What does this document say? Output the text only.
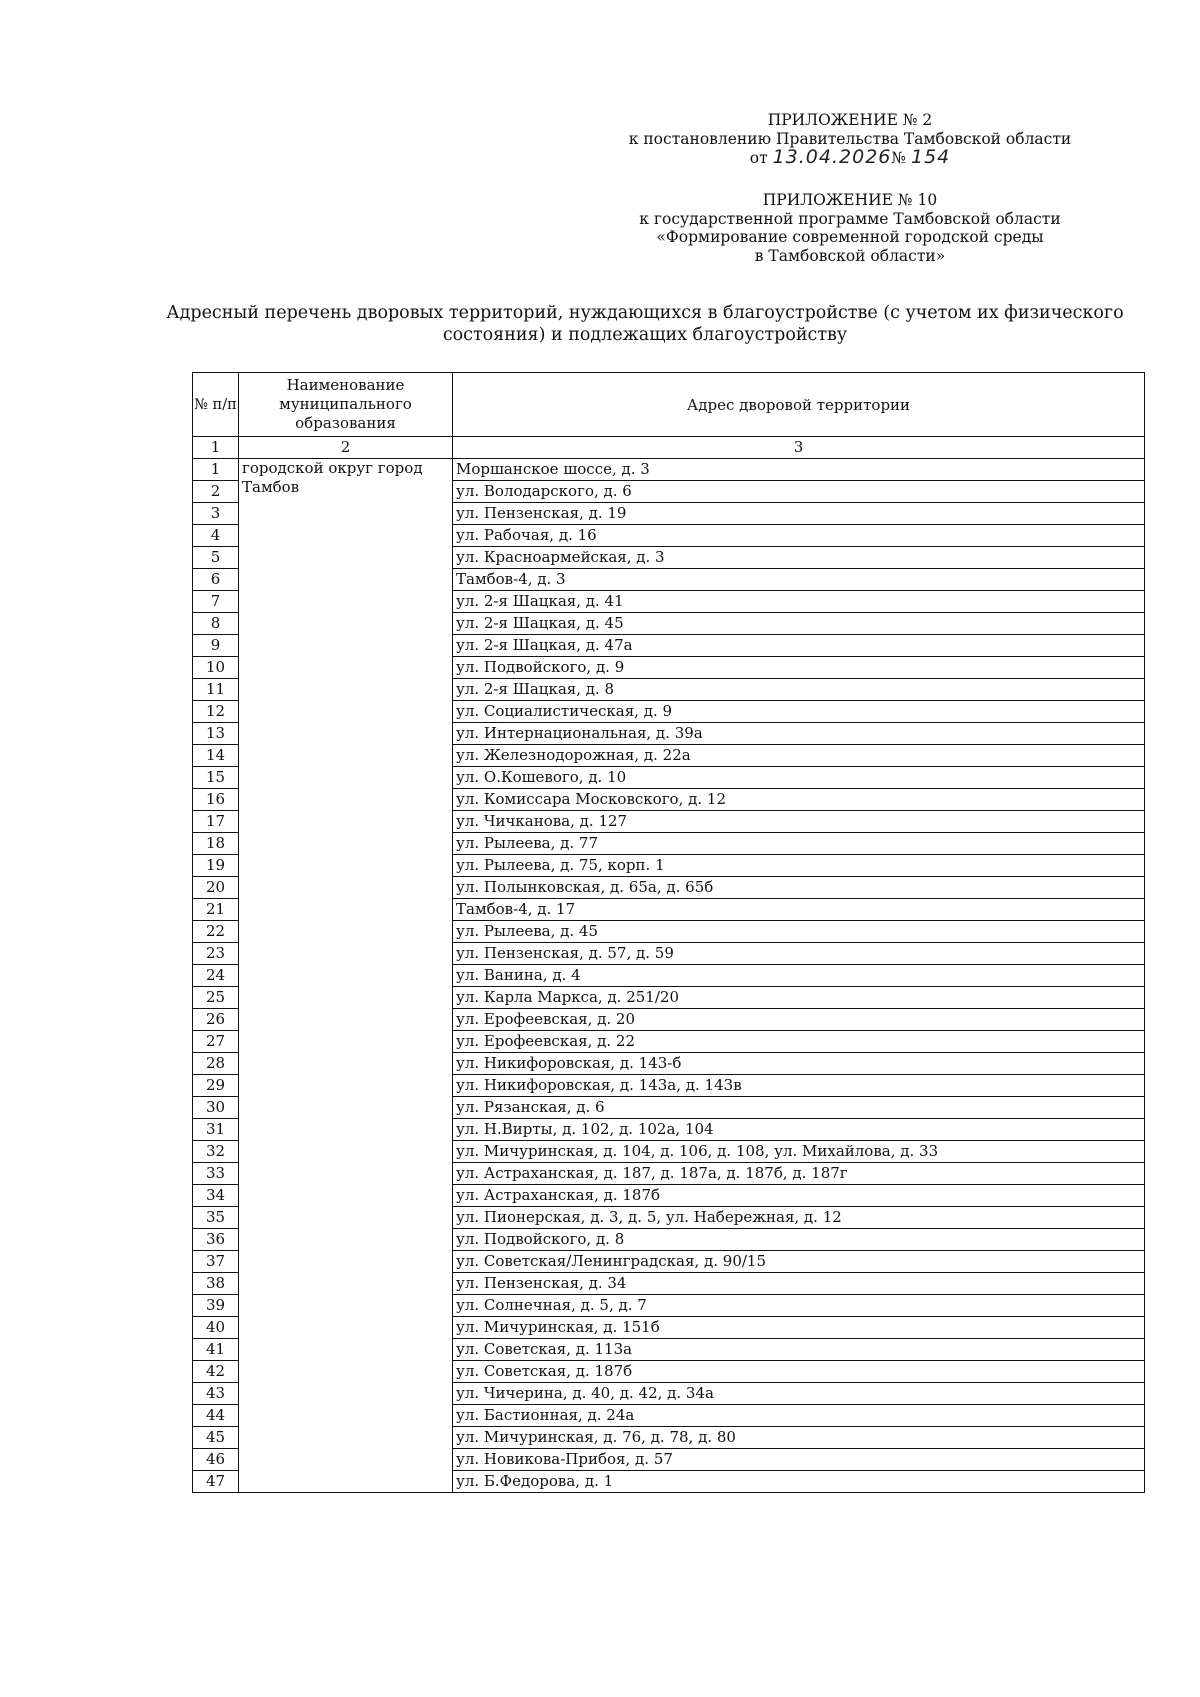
ПРИЛОЖЕНИЕ № 2
к постановлению Правительства Тамбовской области
от 13.04.2026№ 154
ПРИЛОЖЕНИЕ № 10
к государственной программе Тамбовской области
«Формирование современной городской среды
в Тамбовской области»
Адресный перечень дворовых территорий, нуждающихся в благоустройстве (с учетом их физического состояния) и подлежащих благоустройству
№ п/п	Наименование муниципального образования	Адрес дворовой территории
1	2	3
1	городской округ город Тамбов	Моршанское шоссе, д. 3
2		ул. Володарского, д. 6
3		ул. Пензенская, д. 19
4		ул. Рабочая, д. 16
5		ул. Красноармейская, д. 3
6		Тамбов-4, д. 3
7		ул. 2-я Шацкая, д. 41
8		ул. 2-я Шацкая, д. 45
9		ул. 2-я Шацкая, д. 47а
10		ул. Подвойского, д. 9
11		ул. 2-я Шацкая, д. 8
12		ул. Социалистическая, д. 9
13		ул. Интернациональная, д. 39а
14		ул. Железнодорожная, д. 22а
15		ул. О.Кошевого, д. 10
16		ул. Комиссара Московского, д. 12
17		ул. Чичканова, д. 127
18		ул. Рылеева, д. 77
19		ул. Рылеева, д. 75, корп. 1
20		ул. Полынковская, д. 65а, д. 65б
21		Тамбов-4, д. 17
22		ул. Рылеева, д. 45
23		ул. Пензенская, д. 57, д. 59
24		ул. Ванина, д. 4
25		ул. Карла Маркса, д. 251/20
26		ул. Ерофеевская, д. 20
27		ул. Ерофеевская, д. 22
28		ул. Никифоровская, д. 143-б
29		ул. Никифоровская, д. 143а, д. 143в
30		ул. Рязанская, д. 6
31		ул. Н.Вирты, д. 102, д. 102а, 104
32		ул. Мичуринская, д. 104, д. 106, д. 108, ул. Михайлова, д. 33
33		ул. Астраханская, д. 187, д. 187а, д. 187б, д. 187г
34		ул. Астраханская, д. 187б
35		ул. Пионерская, д. 3, д. 5, ул. Набережная, д. 12
36		ул. Подвойского, д. 8
37		ул. Советская/Ленинградская, д. 90/15
38		ул. Пензенская, д. 34
39		ул. Солнечная, д. 5, д. 7
40		ул. Мичуринская, д. 151б
41		ул. Советская, д. 113а
42		ул. Советская, д. 187б
43		ул. Чичерина, д. 40, д. 42, д. 34а
44		ул. Бастионная, д. 24а
45		ул. Мичуринская, д. 76, д. 78, д. 80
46		ул. Новикова-Прибоя, д. 57
47		ул. Б.Федорова, д. 1
